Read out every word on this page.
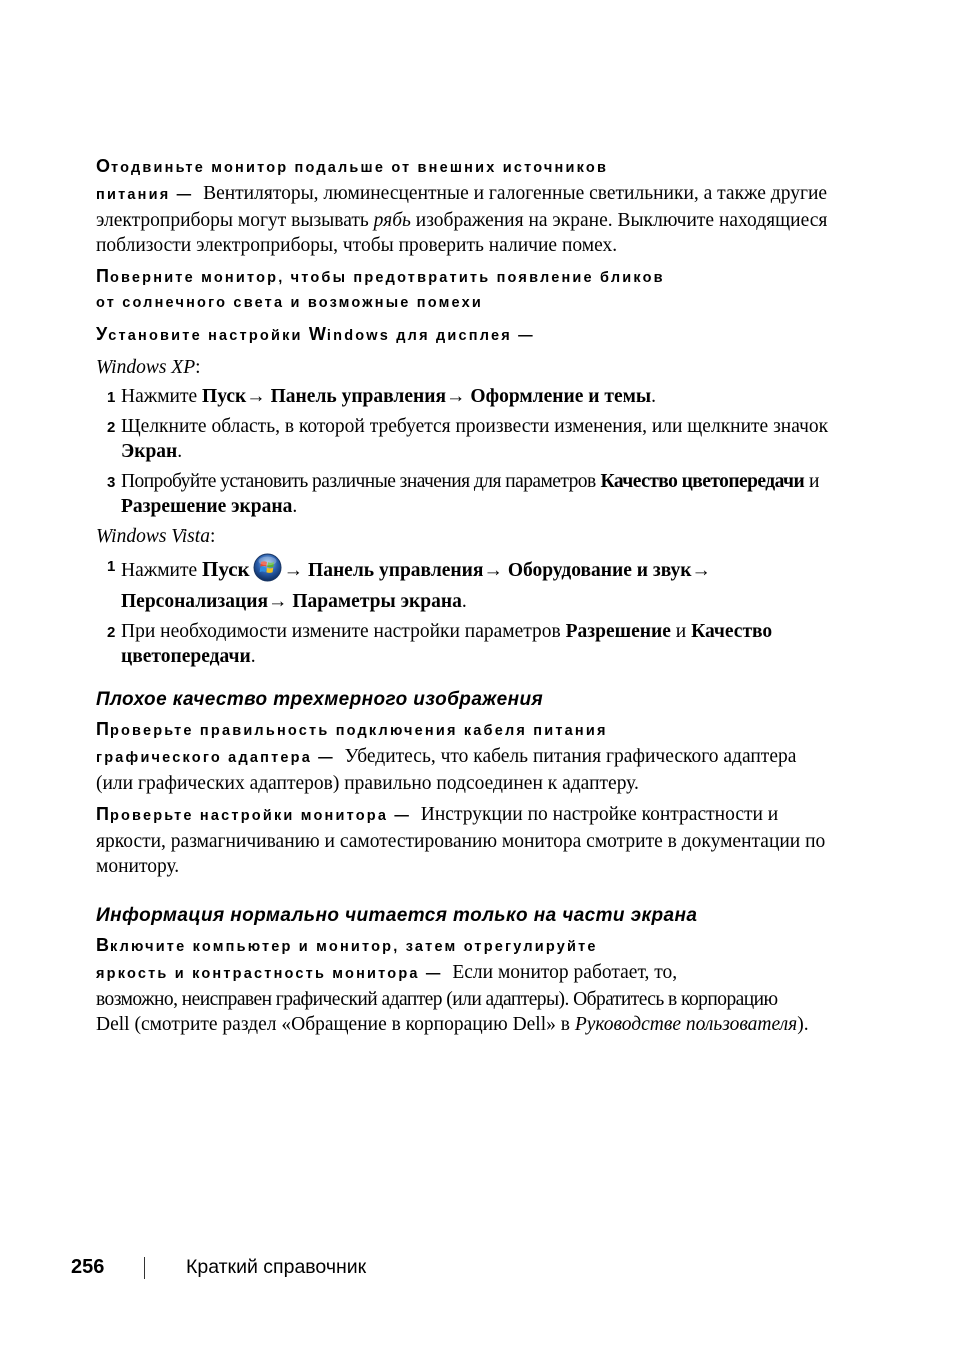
Отодвиньте монитор подальше от внешних источников
питания — Вентиляторы, люминесцентные и галогенные светильники, а также другие электроприборы могут вызывать рябь изображения на экране. Выключите находящиеся поблизости электроприборы, чтобы проверить наличие помех.
Поверните монитор, чтобы предотвратить появление бликов
от солнечного света и возможные помехи
Установите настройки Windows для дисплея —
Windows XP:
1 Нажмите Пуск→ Панель управления→ Оформление и темы.
2 Щелкните область, в которой требуется произвести изменения, или щелкните значок Экран.
3 Попробуйте установить различные значения для параметров Качество цветопередачи и Разрешение экрана.
Windows Vista:
1 Нажмите Пуск → Панель управления→ Оборудование и звук→
Персонализация→ Параметры экрана.
2 При необходимости измените настройки параметров Разрешение и Качество цветопередачи.
Плохое качество трехмерного изображения
Проверьте правильность подключения кабеля питания
графического адаптера — Убедитесь, что кабель питания графического адаптера (или графических адаптеров) правильно подсоединен к адаптеру.
Проверьте настройки монитора — Инструкции по настройке контрастности и яркости, размагничиванию и самотестированию монитора смотрите в документации по монитору.
Информация нормально читается только на части экрана
Включите компьютер и монитор, затем отрегулируйте
яркость и контрастность монитора — Если монитор работает, то,
возможно, неисправен графический адаптер (или адаптеры). Обратитесь в корпорацию
Dell (смотрите раздел «Обращение в корпорацию Dell» в Руководстве пользователя).
256	Краткий справочник
